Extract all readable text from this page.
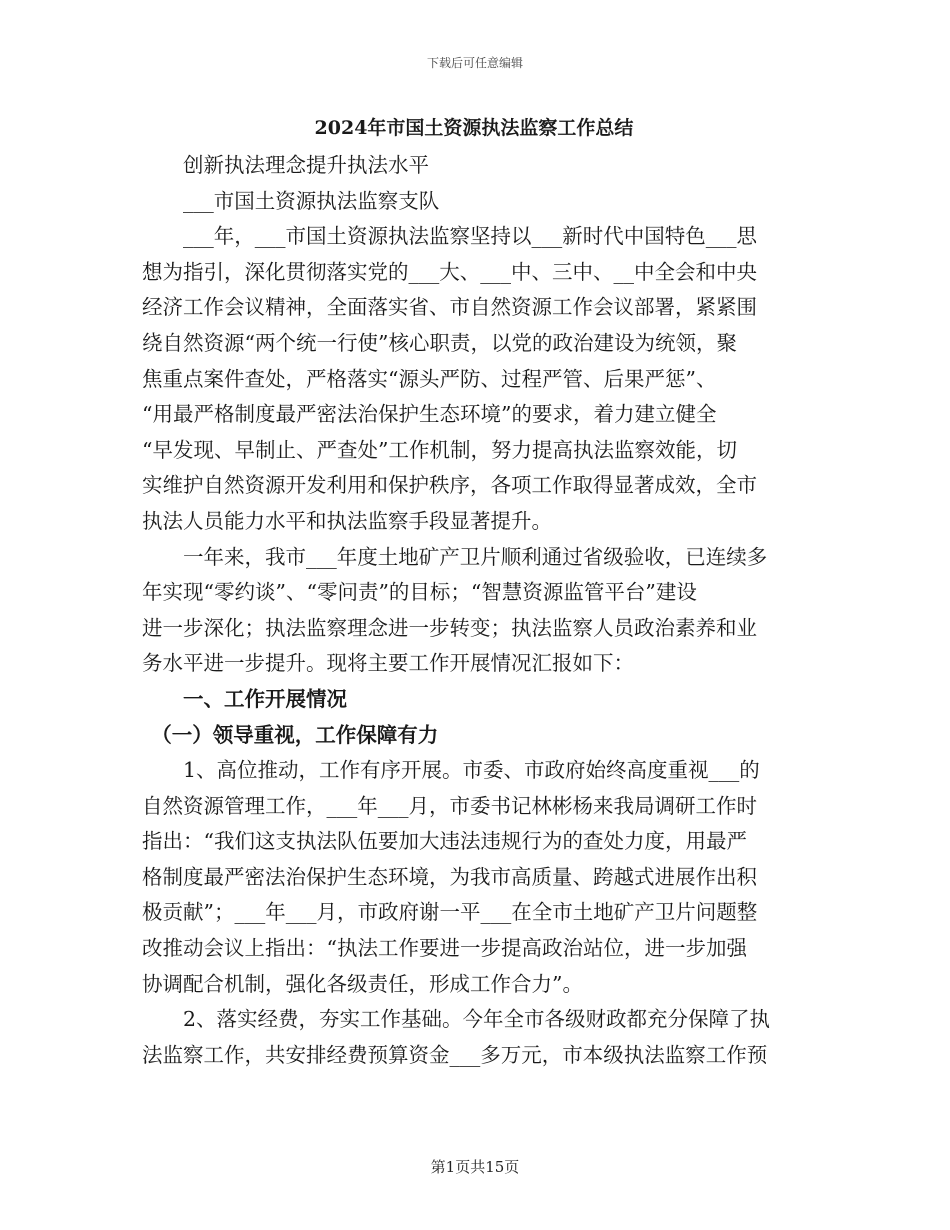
下载后可任意编辑
2024年市国土资源执法监察工作总结

创新执法理念提升执法水平

___市国土资源执法监察支队

___年，___市国土资源执法监察坚持以___新时代中国特色___思

想为指引，深化贯彻落实党的___大、___中、三中、__中全会和中央

经济工作会议精神，全面落实省、市自然资源工作会议部署，紧紧围

绕自然资源“两个统一行使”核心职责，以党的政治建设为统领，聚

焦重点案件查处，严格落实“源头严防、过程严管、后果严惩”、

“用最严格制度最严密法治保护生态环境”的要求，着力建立健全

“早发现、早制止、严查处”工作机制，努力提高执法监察效能，切

实维护自然资源开发利用和保护秩序，各项工作取得显著成效，全市

执法人员能力水平和执法监察手段显著提升。

一年来，我市___年度土地矿产卫片顺利通过省级验收，已连续多

年实现“零约谈”、“零问责”的目标；“智慧资源监管平台”建设

进一步深化；执法监察理念进一步转变；执法监察人员政治素养和业

务水平进一步提升。现将主要工作开展情况汇报如下：

一、工作开展情况

（一）领导重视，工作保障有力

1、高位推动，工作有序开展。市委、市政府始终高度重视___的

自然资源管理工作，___年___月，市委书记林彬杨来我局调研工作时

指出：“我们这支执法队伍要加大违法违规行为的查处力度，用最严

格制度最严密法治保护生态环境，为我市高质量、跨越式进展作出积

极贡献”；___年___月，市政府谢一平___在全市土地矿产卫片问题整

改推动会议上指出：“执法工作要进一步提高政治站位，进一步加强

协调配合机制，强化各级责任，形成工作合力”。

2、落实经费，夯实工作基础。今年全市各级财政都充分保障了执

法监察工作，共安排经费预算资金___多万元，市本级执法监察工作预

第1页共15页
